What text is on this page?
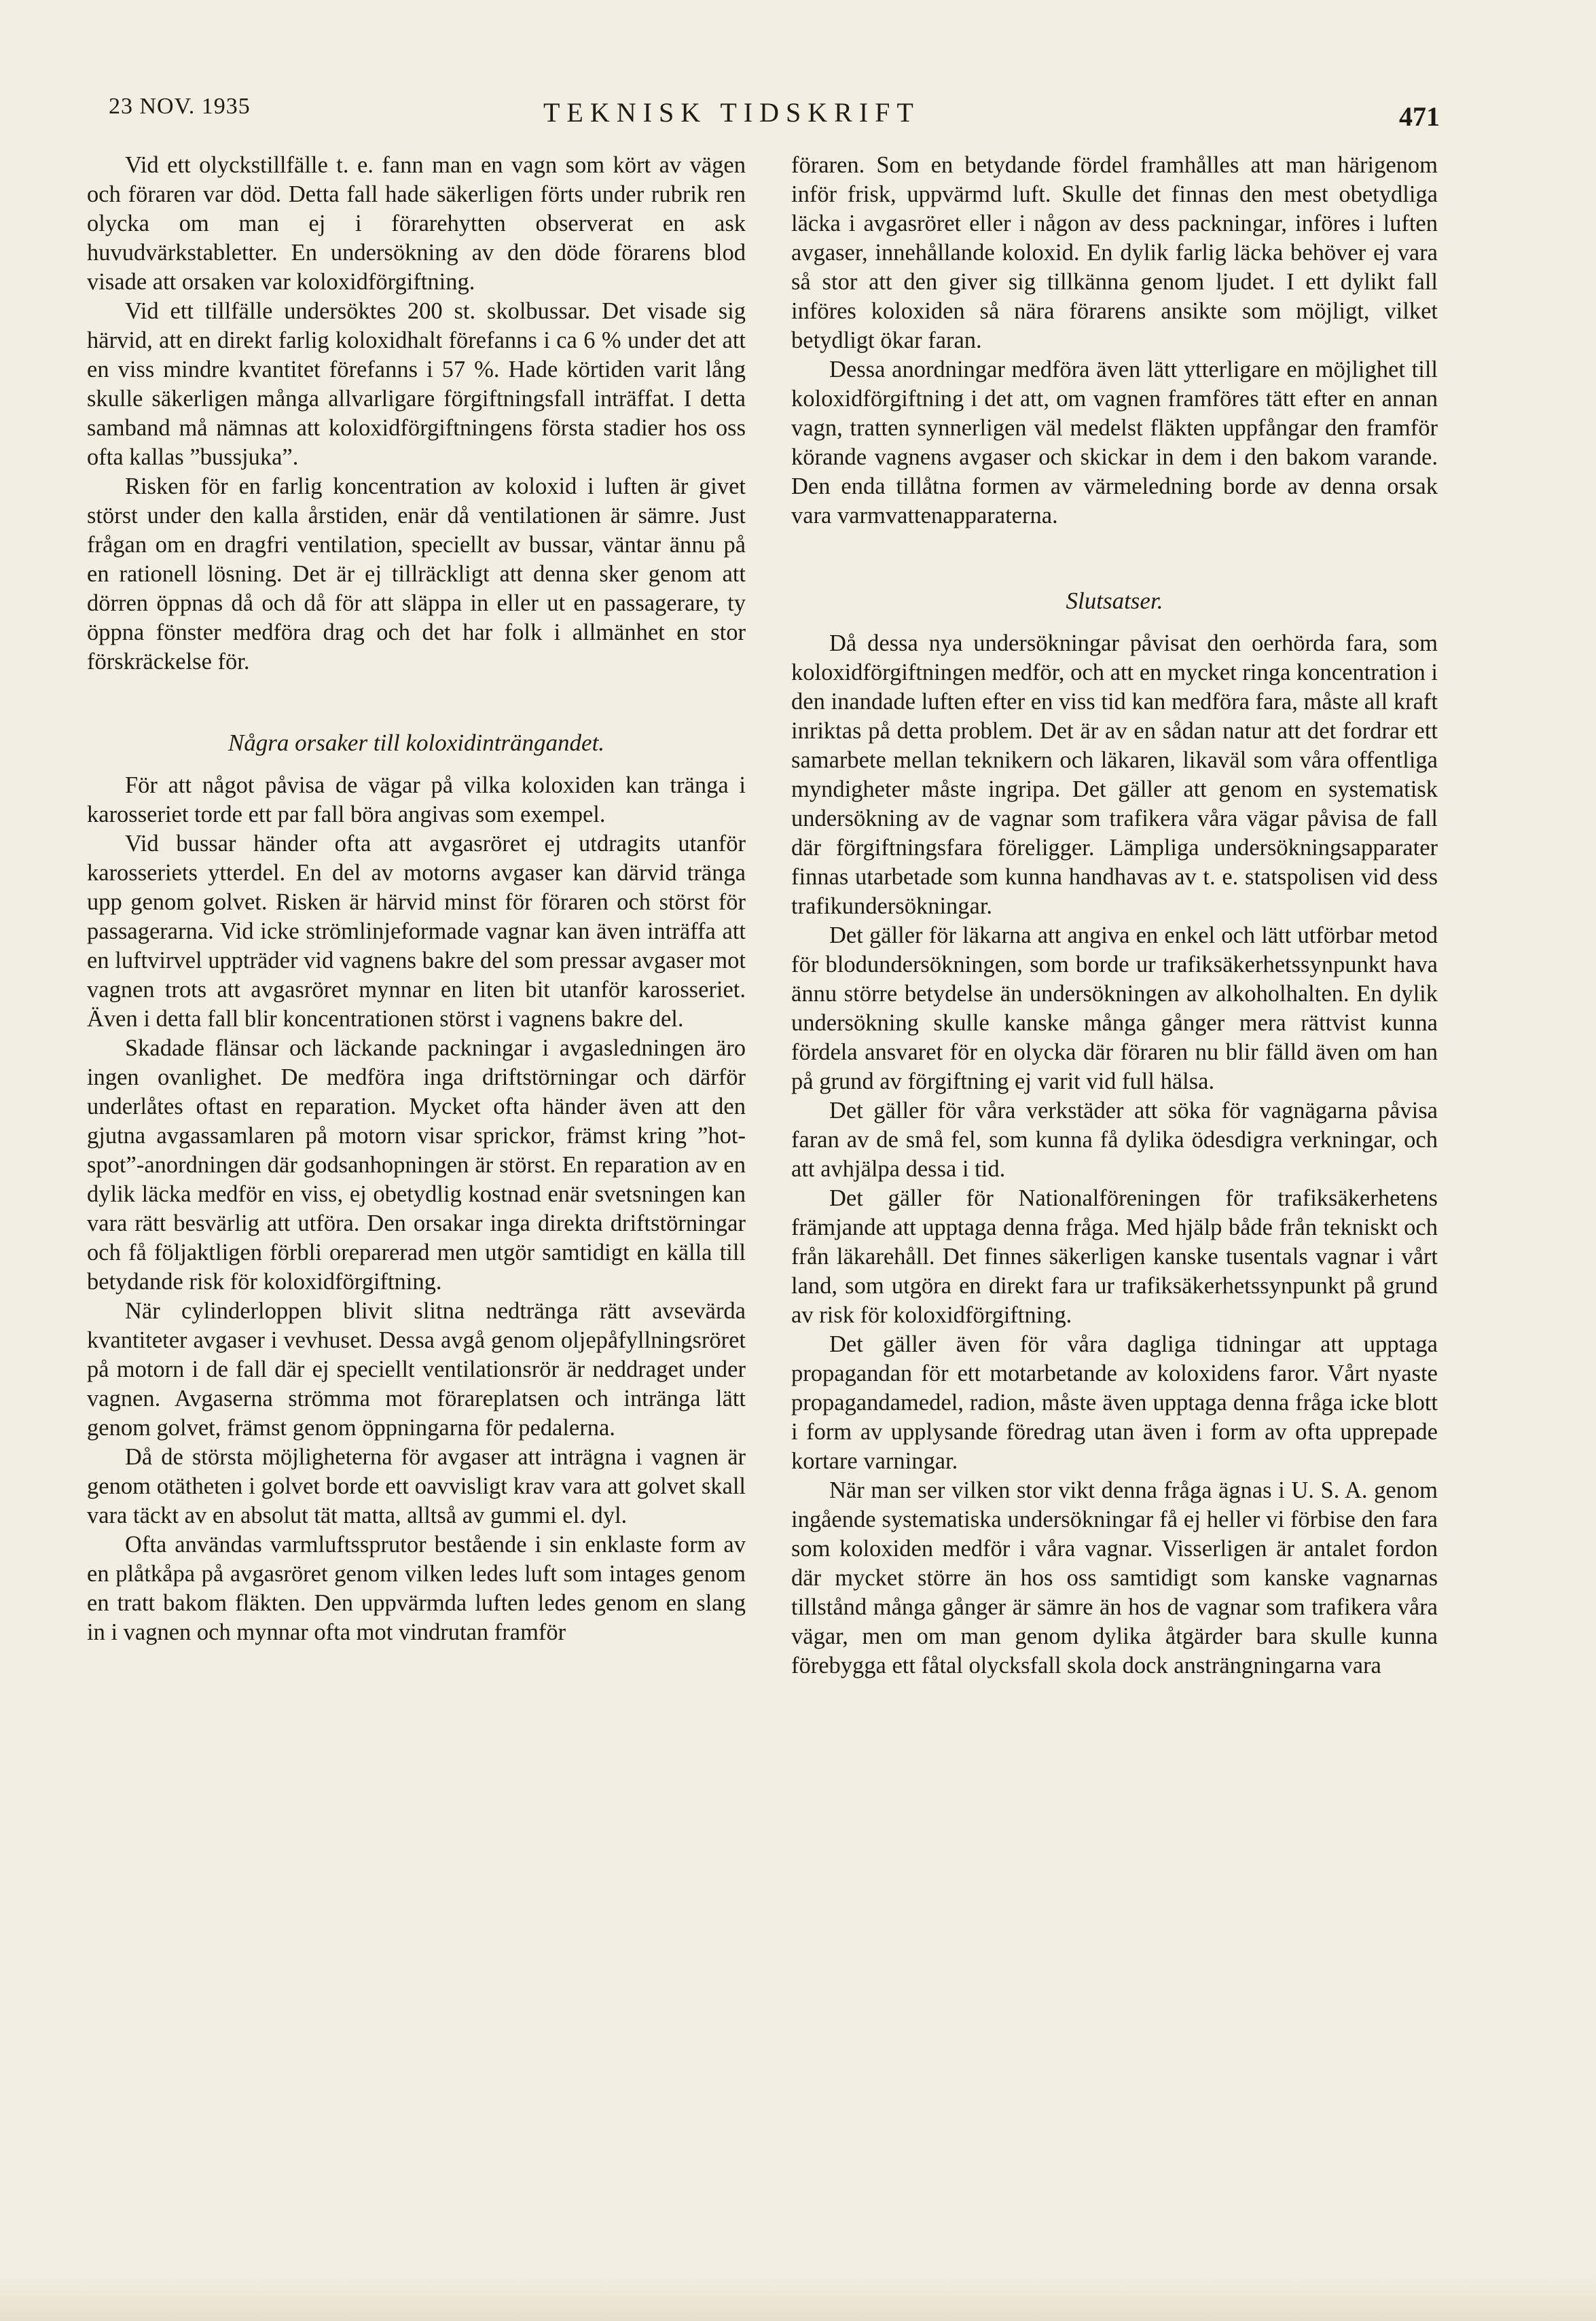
23 NOV. 1935	TEKNISK TIDSKRIFT	471

Vid ett olyckstillfälle t. e. fann man en vagn som kört av vägen och föraren var död. Detta fall hade säkerligen förts under rubrik ren olycka om man ej i förarehytten observerat en ask huvudvärkstabletter. En undersökning av den döde förarens blod visade att orsaken var koloxidförgiftning.

Vid ett tillfälle undersöktes 200 st. skolbussar. Det visade sig härvid, att en direkt farlig koloxidhalt förefanns i ca 6 % under det att en viss mindre kvantitet förefanns i 57 %. Hade körtiden varit lång skulle säkerligen många allvarligare förgiftningsfall inträffat. I detta samband må nämnas att koloxidförgiftningens första stadier hos oss ofta kallas ”bussjuka”.

Risken för en farlig koncentration av koloxid i luften är givet störst under den kalla årstiden, enär då ventilationen är sämre. Just frågan om en dragfri ventilation, speciellt av bussar, väntar ännu på en rationell lösning. Det är ej tillräckligt att denna sker genom att dörren öppnas då och då för att släppa in eller ut en passagerare, ty öppna fönster medföra drag och det har folk i allmänhet en stor förskräckelse för.

Några orsaker till koloxidinträngandet.

För att något påvisa de vägar på vilka koloxiden kan tränga i karosseriet torde ett par fall böra angivas som exempel.

Vid bussar händer ofta att avgasröret ej utdragits utanför karosseriets ytterdel. En del av motorns avgaser kan därvid tränga upp genom golvet. Risken är härvid minst för föraren och störst för passagerarna. Vid icke strömlinjeformade vagnar kan även inträffa att en luftvirvel uppträder vid vagnens bakre del som pressar avgaser mot vagnen trots att avgasröret mynnar en liten bit utanför karosseriet. Även i detta fall blir koncentrationen störst i vagnens bakre del.

Skadade flänsar och läckande packningar i avgasledningen äro ingen ovanlighet. De medföra inga driftstörningar och därför underlåtes oftast en reparation. Mycket ofta händer även att den gjutna avgassamlaren på motorn visar sprickor, främst kring ”hot-spot”-anordningen där godsanhopningen är störst. En reparation av en dylik läcka medför en viss, ej obetydlig kostnad enär svetsningen kan vara rätt besvärlig att utföra. Den orsakar inga direkta driftstörningar och få följaktligen förbli oreparerad men utgör samtidigt en källa till betydande risk för koloxidförgiftning.

När cylinderloppen blivit slitna nedtränga rätt avsevärda kvantiteter avgaser i vevhuset. Dessa avgå genom oljepåfyllningsröret på motorn i de fall där ej speciellt ventilationsrör är neddraget under vagnen. Avgaserna strömma mot förareplatsen och intränga lätt genom golvet, främst genom öppningarna för pedalerna.

Då de största möjligheterna för avgaser att inträgna i vagnen är genom otätheten i golvet borde ett oavvisligt krav vara att golvet skall vara täckt av en absolut tät matta, alltså av gummi el. dyl.

Ofta användas varmluftssprutor bestående i sin enklaste form av en plåtkåpa på avgasröret genom vilken ledes luft som intages genom en tratt bakom fläkten. Den uppvärmda luften ledes genom en slang in i vagnen och mynnar ofta mot vindrutan framför

föraren. Som en betydande fördel framhålles att man härigenom inför frisk, uppvärmd luft. Skulle det finnas den mest obetydliga läcka i avgasröret eller i någon av dess packningar, införes i luften avgaser, innehållande koloxid. En dylik farlig läcka behöver ej vara så stor att den giver sig tillkänna genom ljudet. I ett dylikt fall införes koloxiden så nära förarens ansikte som möjligt, vilket betydligt ökar faran.

Dessa anordningar medföra även lätt ytterligare en möjlighet till koloxidförgiftning i det att, om vagnen framföres tätt efter en annan vagn, tratten synnerligen väl medelst fläkten uppfångar den framför körande vagnens avgaser och skickar in dem i den bakom varande. Den enda tillåtna formen av värmeledning borde av denna orsak vara varmvattenapparaterna.

Slutsatser.

Då dessa nya undersökningar påvisat den oerhörda fara, som koloxidförgiftningen medför, och att en mycket ringa koncentration i den inandade luften efter en viss tid kan medföra fara, måste all kraft inriktas på detta problem. Det är av en sådan natur att det fordrar ett samarbete mellan teknikern och läkaren, likaväl som våra offentliga myndigheter måste ingripa. Det gäller att genom en systematisk undersökning av de vagnar som trafikera våra vägar påvisa de fall där förgiftningsfara föreligger. Lämpliga undersökningsapparater finnas utarbetade som kunna handhavas av t. e. statspolisen vid dess trafikundersökningar.

Det gäller för läkarna att angiva en enkel och lätt utförbar metod för blodundersökningen, som borde ur trafiksäkerhetssynpunkt hava ännu större betydelse än undersökningen av alkoholhalten. En dylik undersökning skulle kanske många gånger mera rättvist kunna fördela ansvaret för en olycka där föraren nu blir fälld även om han på grund av förgiftning ej varit vid full hälsa.

Det gäller för våra verkstäder att söka för vagnägarna påvisa faran av de små fel, som kunna få dylika ödesdigra verkningar, och att avhjälpa dessa i tid.

Det gäller för Nationalföreningen för trafiksäkerhetens främjande att upptaga denna fråga. Med hjälp både från tekniskt och från läkarehåll. Det finnes säkerligen kanske tusentals vagnar i vårt land, som utgöra en direkt fara ur trafiksäkerhetssynpunkt på grund av risk för koloxidförgiftning.

Det gäller även för våra dagliga tidningar att upptaga propagandan för ett motarbetande av koloxidens faror. Vårt nyaste propagandamedel, radion, måste även upptaga denna fråga icke blott i form av upplysande föredrag utan även i form av ofta upprepade kortare varningar.

När man ser vilken stor vikt denna fråga ägnas i U. S. A. genom ingående systematiska undersökningar få ej heller vi förbise den fara som koloxiden medför i våra vagnar. Visserligen är antalet fordon där mycket större än hos oss samtidigt som kanske vagnarnas tillstånd många gånger är sämre än hos de vagnar som trafikera våra vägar, men om man genom dylika åtgärder bara skulle kunna förebygga ett fåtal olycksfall skola dock ansträngningarna vara
